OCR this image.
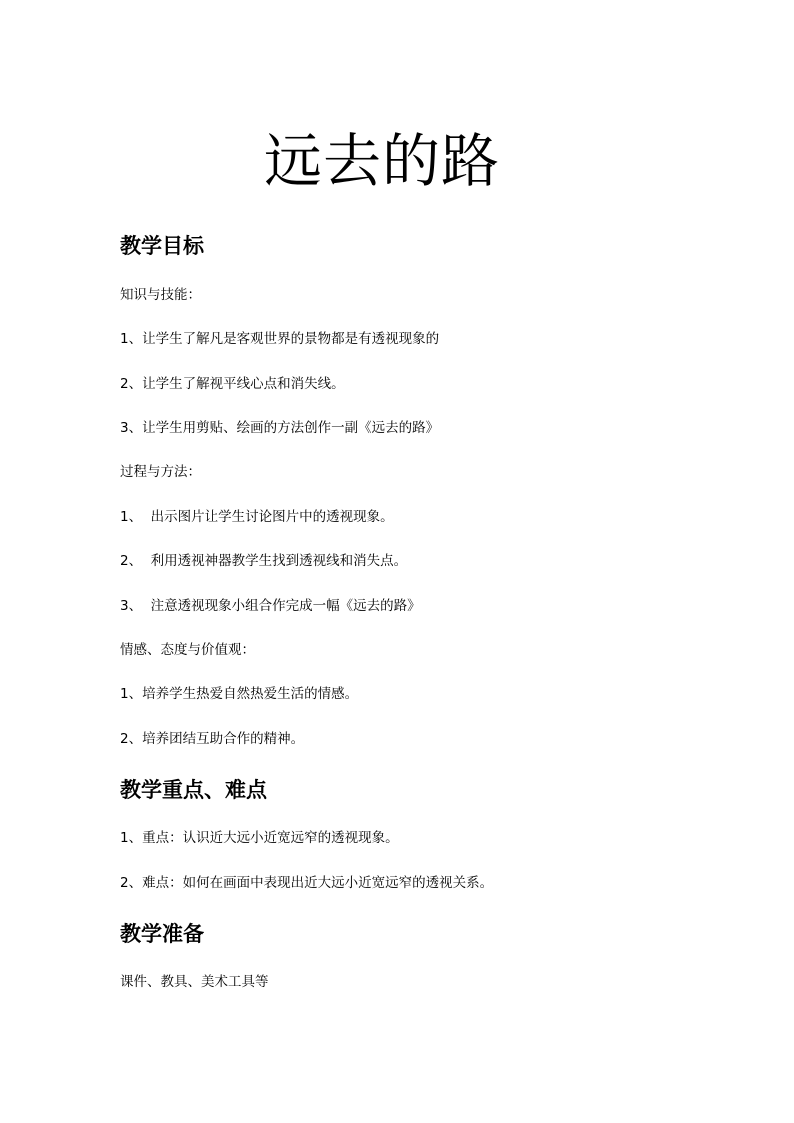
远去的路
教学目标
知识与技能：
1、让学生了解凡是客观世界的景物都是有透视现象的
2、让学生了解视平线心点和消失线。
3、让学生用剪贴、绘画的方法创作一副《远去的路》
过程与方法：
1、  出示图片让学生讨论图片中的透视现象。
2、  利用透视神器教学生找到透视线和消失点。
3、  注意透视现象小组合作完成一幅《远去的路》
情感、态度与价值观：
1、培养学生热爱自然热爱生活的情感。
2、培养团结互助合作的精神。
教学重点、难点
1、重点：认识近大远小近宽远窄的透视现象。
2、难点：如何在画面中表现出近大远小近宽远窄的透视关系。
教学准备
课件、教具、美术工具等
